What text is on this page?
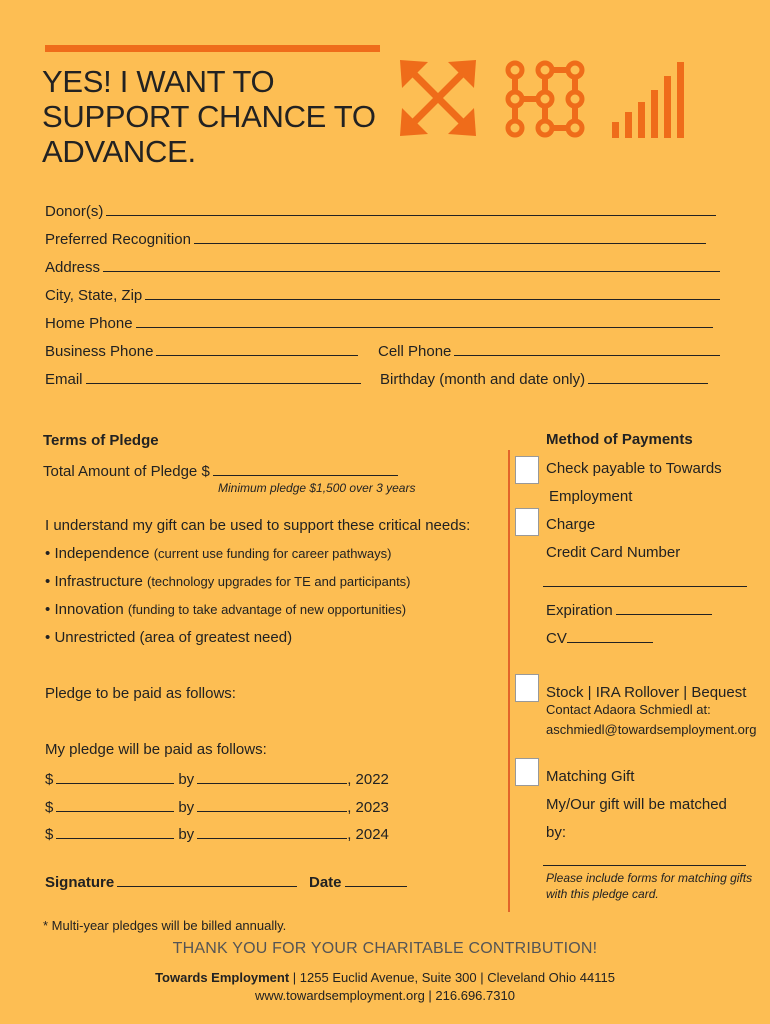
YES! I WANT TO
SUPPORT CHANCE TO
ADVANCE.
Donor(s)
Preferred Recognition
Address
City, State, Zip
Home Phone
Business Phone	Cell Phone
Email	Birthday (month and date only)
Terms of Pledge
Total Amount of Pledge $
Minimum pledge $1,500 over 3 years
I understand my gift can be used to support these critical needs:
• Independence (current use funding for career pathways)
• Infrastructure (technology upgrades for TE and participants)
• Innovation (funding to take advantage of new opportunities)
• Unrestricted (area of greatest need)
Pledge to be paid as follows:
My pledge will be paid as follows:
$	by	, 2022
$	by	, 2023
$	by	, 2024
Signature	Date
* Multi-year pledges will be billed annually.
Method of Payments
Check payable to Towards
Employment
Charge
Credit Card Number
Expiration
CV
Stock | IRA Rollover | Bequest
Contact Adaora Schmiedl at:
aschmiedl@towardsemployment.org
Matching Gift
My/Our gift will be matched
by:
Please include forms for matching gifts
with this pledge card.
THANK YOU FOR YOUR CHARITABLE CONTRIBUTION!
Towards Employment | 1255 Euclid Avenue, Suite 300 | Cleveland Ohio 44115
www.towardsemployment.org | 216.696.7310
